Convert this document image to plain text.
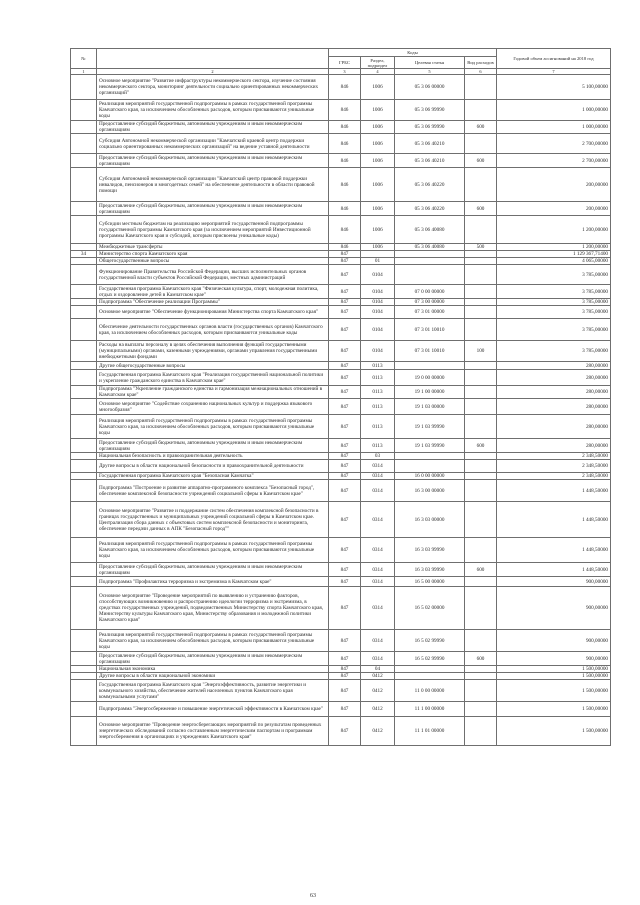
№		Коды				Годовой объем ассигнований на 2018 год
		ГРБС	Раздел, подраздел	Целевая статья	Вид расходов	
1	2	3	4	5	6	7
	Основное мероприятие "Развитие инфраструктуры некоммерческого сектора, изучение состояния некоммерческого сектора, мониторинг деятельности социально ориентированных некоммерческих организаций"	846	1006	05 3 06 00000		5 100,00000
	Реализация мероприятий государственной подпрограммы в рамках государственной программы Камчатского края, за исключением обособленных расходов, которым присваиваются уникальные коды	846	1006	05 3 06 99990		1 000,00000
	Предоставление субсидий бюджетным, автономным учреждениям и иным некоммерческим организациям	846	1006	05 3 06 99990	600	1 000,00000
	Субсидия Автономной некоммерческой организации "Камчатский краевой центр поддержки социально ориентированных некоммерческих организаций" на ведение уставной деятельности	846	1006	05 3 06 40210		2 700,00000
	Предоставление субсидий бюджетным, автономным учреждениям и иным некоммерческим организациям	846	1006	05 3 06 40210	600	2 700,00000
	Субсидия Автономной некоммерческой организации "Камчатский центр правовой поддержки инвалидов, пенсионеров и многодетных семей" на обеспечение деятельности в области правовой помощи	846	1006	05 3 06 40220		200,00000
	Предоставление субсидий бюджетным, автономным учреждениям и иным некоммерческим организациям	846	1006	05 3 06 40220	600	200,00000
	Субсидии местным бюджетам на реализацию мероприятий государственной подпрограммы государственной программы Камчатского края (за исключением мероприятий Инвестиционной программы Камчатского края и субсидий, которым присвоены уникальные коды)	846	1006	05 3 06 40080		1 200,00000
	Межбюджетные трансферты	846	1006	05 3 06 40080	500	1 200,00000
34	Министерство спорта Камчатского края	847				1 129 367,71400
	Общегосударственные вопросы	847	01			4 065,00000
	Функционирование Правительства Российской Федерации, высших исполнительных органов государственной власти субъектов Российской Федерации, местных администраций	847	0104			3 785,00000
	Государственная программа Камчатского края "Физическая культура, спорт, молодежная политика, отдых и оздоровление детей в Камчатском крае"	847	0104	07 0 00 00000		3 785,00000
	Подпрограмма "Обеспечение реализации Программы"	847	0104	07 3 00 00000		3 785,00000
	Основное мероприятие "Обеспечение функционирования Министерства спорта Камчатского края"	847	0104	07 3 01 00000		3 785,00000
	Обеспечение деятельности государственных органов власти (государственных органов) Камчатского края, за исключением обособленных расходов, которым присваиваются уникальные коды	847	0104	07 3 01 10010		3 785,00000
	Расходы на выплаты персоналу в целях обеспечения выполнения функций государственными (муниципальными) органами, казенными учреждениями, органами управления государственными внебюджетными фондами	847	0104	07 3 01 10010	100	3 785,00000
	Другие общегосударственные вопросы	847	0113			280,00000
	Государственная программа Камчатского края "Реализация государственной национальной политики и укрепление гражданского единства в Камчатском крае"	847	0113	19 0 00 00000		280,00000
	Подпрограмма "Укрепление гражданского единства и гармонизация межнациональных отношений в Камчатском крае"	847	0113	19 1 00 00000		280,00000
	Основное мероприятие "Содействие сохранению национальных культур и поддержка языкового многообразия"	847	0113	19 1 03 00000		280,00000
	Реализация мероприятий государственной подпрограммы в рамках государственной программы Камчатского края, за исключением обособленных расходов, которым присваиваются уникальные коды	847	0113	19 1 03 99990		280,00000
	Предоставление субсидий бюджетным, автономным учреждениям и иным некоммерческим организациям	847	0113	19 1 03 99990	600	280,00000
	Национальная безопасность и правоохранительная деятельность	847	03			2 348,50000
	Другие вопросы в области национальной безопасности и правоохранительной деятельности	847	0314			2 348,50000
	Государственная программа Камчатского края "Безопасная Камчатка"	847	0314	16 0 00 00000		2 348,50000
	Подпрограмма "Построение и развитие аппаратно-программного комплекса "Безопасный город", обеспечение комплексной безопасности учреждений социальной сферы в Камчатском крае"	847	0314	16 3 00 00000		1 448,50000
	Основное мероприятие "Развитие и поддержание систем обеспечения комплексной безопасности в границах государственных и муниципальных учреждений социальной сферы в Камчатском крае. Централизация сбора данных с объектовых систем комплексной безопасности и мониторинга, обеспечение передачи данных в АПК "Безопасный город""	847	0314	16 3 03 00000		1 448,50000
	Реализация мероприятий государственной подпрограммы в рамках государственной программы Камчатского края, за исключением обособленных расходов, которым присваиваются уникальные коды	847	0314	16 3 03 99990		1 448,50000
	Предоставление субсидий бюджетным, автономным учреждениям и иным некоммерческим организациям	847	0314	16 3 03 99990	600	1 448,50000
	Подпрограмма "Профилактика терроризма и экстремизма в Камчатском крае"	847	0314	16 5 00 00000		900,00000
	Основное мероприятие "Проведение мероприятий по выявлению и устранению факторов, способствующих возникновению и распространению идеологии терроризма и экстремизма, в средствах государственных учреждений, подведомственных Министерству спорта Камчатского края, Министерству культуры Камчатского края, Министерству образования и молодежной политики Камчатского края"	847	0314	16 5 02 00000		900,00000
	Реализация мероприятий государственной подпрограммы в рамках государственной программы Камчатского края, за исключением обособленных расходов, которым присваиваются уникальные коды	847	0314	16 5 02 99990		900,00000
	Предоставление субсидий бюджетным, автономным учреждениям и иным некоммерческим организациям	847	0314	16 5 02 99990	600	900,00000
	Национальная экономика	847	04			1 500,00000
	Другие вопросы в области национальной экономики	847	0412			1 500,00000
	Государственная программа Камчатского края "Энергоэффективность, развитие энергетики и коммунального хозяйства, обеспечение жителей населенных пунктов Камчатского края коммунальными услугами"	847	0412	11 0 00 00000		1 500,00000
	Подпрограмма "Энергосбережение и повышение энергетической эффективности в Камчатском крае"	847	0412	11 1 00 00000		1 500,00000
	Основное мероприятие "Проведение энергосберегающих мероприятий по результатам проведенных энергетических обследований согласно составленным энергетическим паспортам и программам энергосбережения в организациях и учреждениях Камчатского края"	847	0412	11 1 01 00000		1 500,00000
63
